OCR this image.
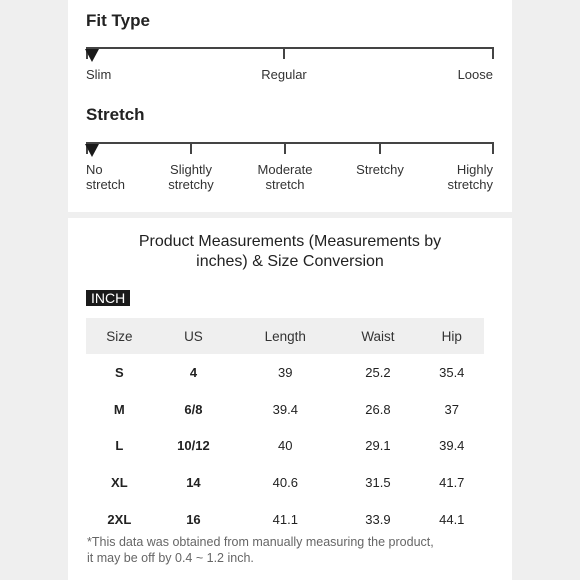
Fit Type
Slim	Regular	Loose
Stretch
No
stretch
Slightly
stretchy
Moderate
stretch
Stretchy	Highly
stretchy
Product Measurements (Measurements by
inches) & Size Conversion
INCH
Size	US	Length	Waist	Hip
S	4	39	25.2	35.4
M	6/8	39.4	26.8	37
L	10/12	40	29.1	39.4
XL	14	40.6	31.5	41.7
2XL	16	41.1	33.9	44.1
*This data was obtained from manually measuring the product,
it may be off by 0.4 ~ 1.2 inch.
